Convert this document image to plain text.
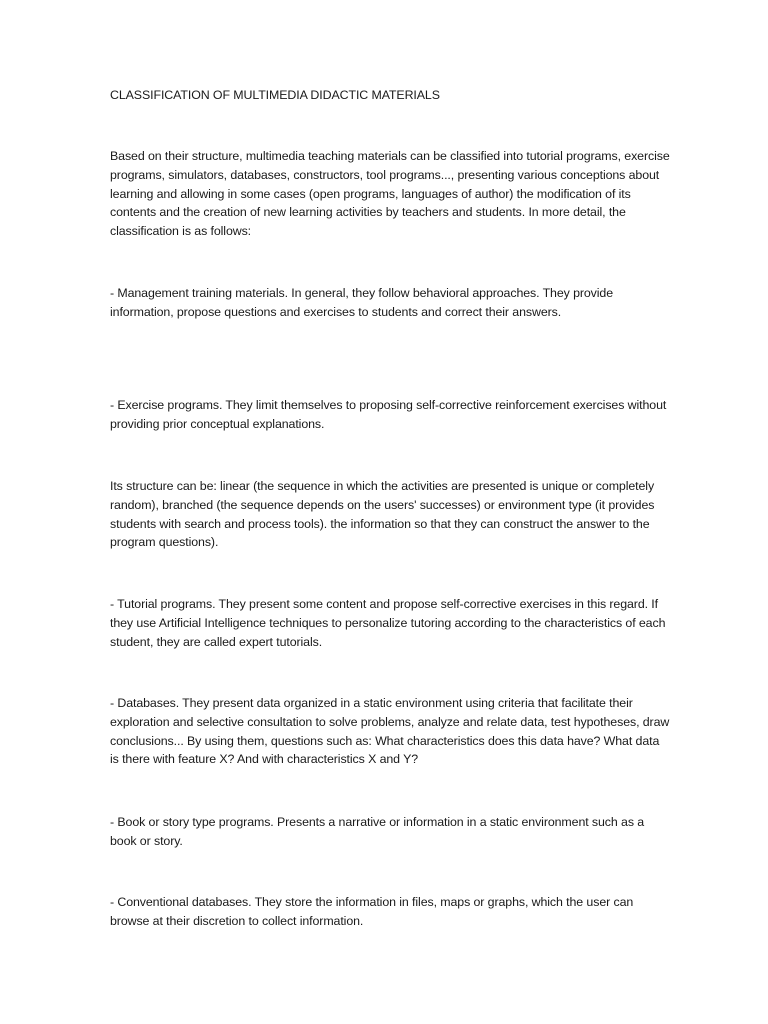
CLASSIFICATION OF MULTIMEDIA DIDACTIC MATERIALS

Based on their structure, multimedia teaching materials can be classified into tutorial programs, exercise programs, simulators, databases, constructors, tool programs..., presenting various conceptions about learning and allowing in some cases (open programs, languages of author) the modification of its contents and the creation of new learning activities by teachers and students. In more detail, the classification is as follows:

- Management training materials. In general, they follow behavioral approaches. They provide information, propose questions and exercises to students and correct their answers.

- Exercise programs. They limit themselves to proposing self-corrective reinforcement exercises without providing prior conceptual explanations.

Its structure can be: linear (the sequence in which the activities are presented is unique or completely random), branched (the sequence depends on the users' successes) or environment type (it provides students with search and process tools). the information so that they can construct the answer to the program questions).

- Tutorial programs. They present some content and propose self-corrective exercises in this regard. If they use Artificial Intelligence techniques to personalize tutoring according to the characteristics of each student, they are called expert tutorials.

- Databases. They present data organized in a static environment using criteria that facilitate their exploration and selective consultation to solve problems, analyze and relate data, test hypotheses, draw conclusions... By using them, questions such as: What characteristics does this data have? What data is there with feature X? And with characteristics X and Y?

- Book or story type programs. Presents a narrative or information in a static environment such as a book or story.

- Conventional databases. They store the information in files, maps or graphs, which the user can browse at their discretion to collect information.
